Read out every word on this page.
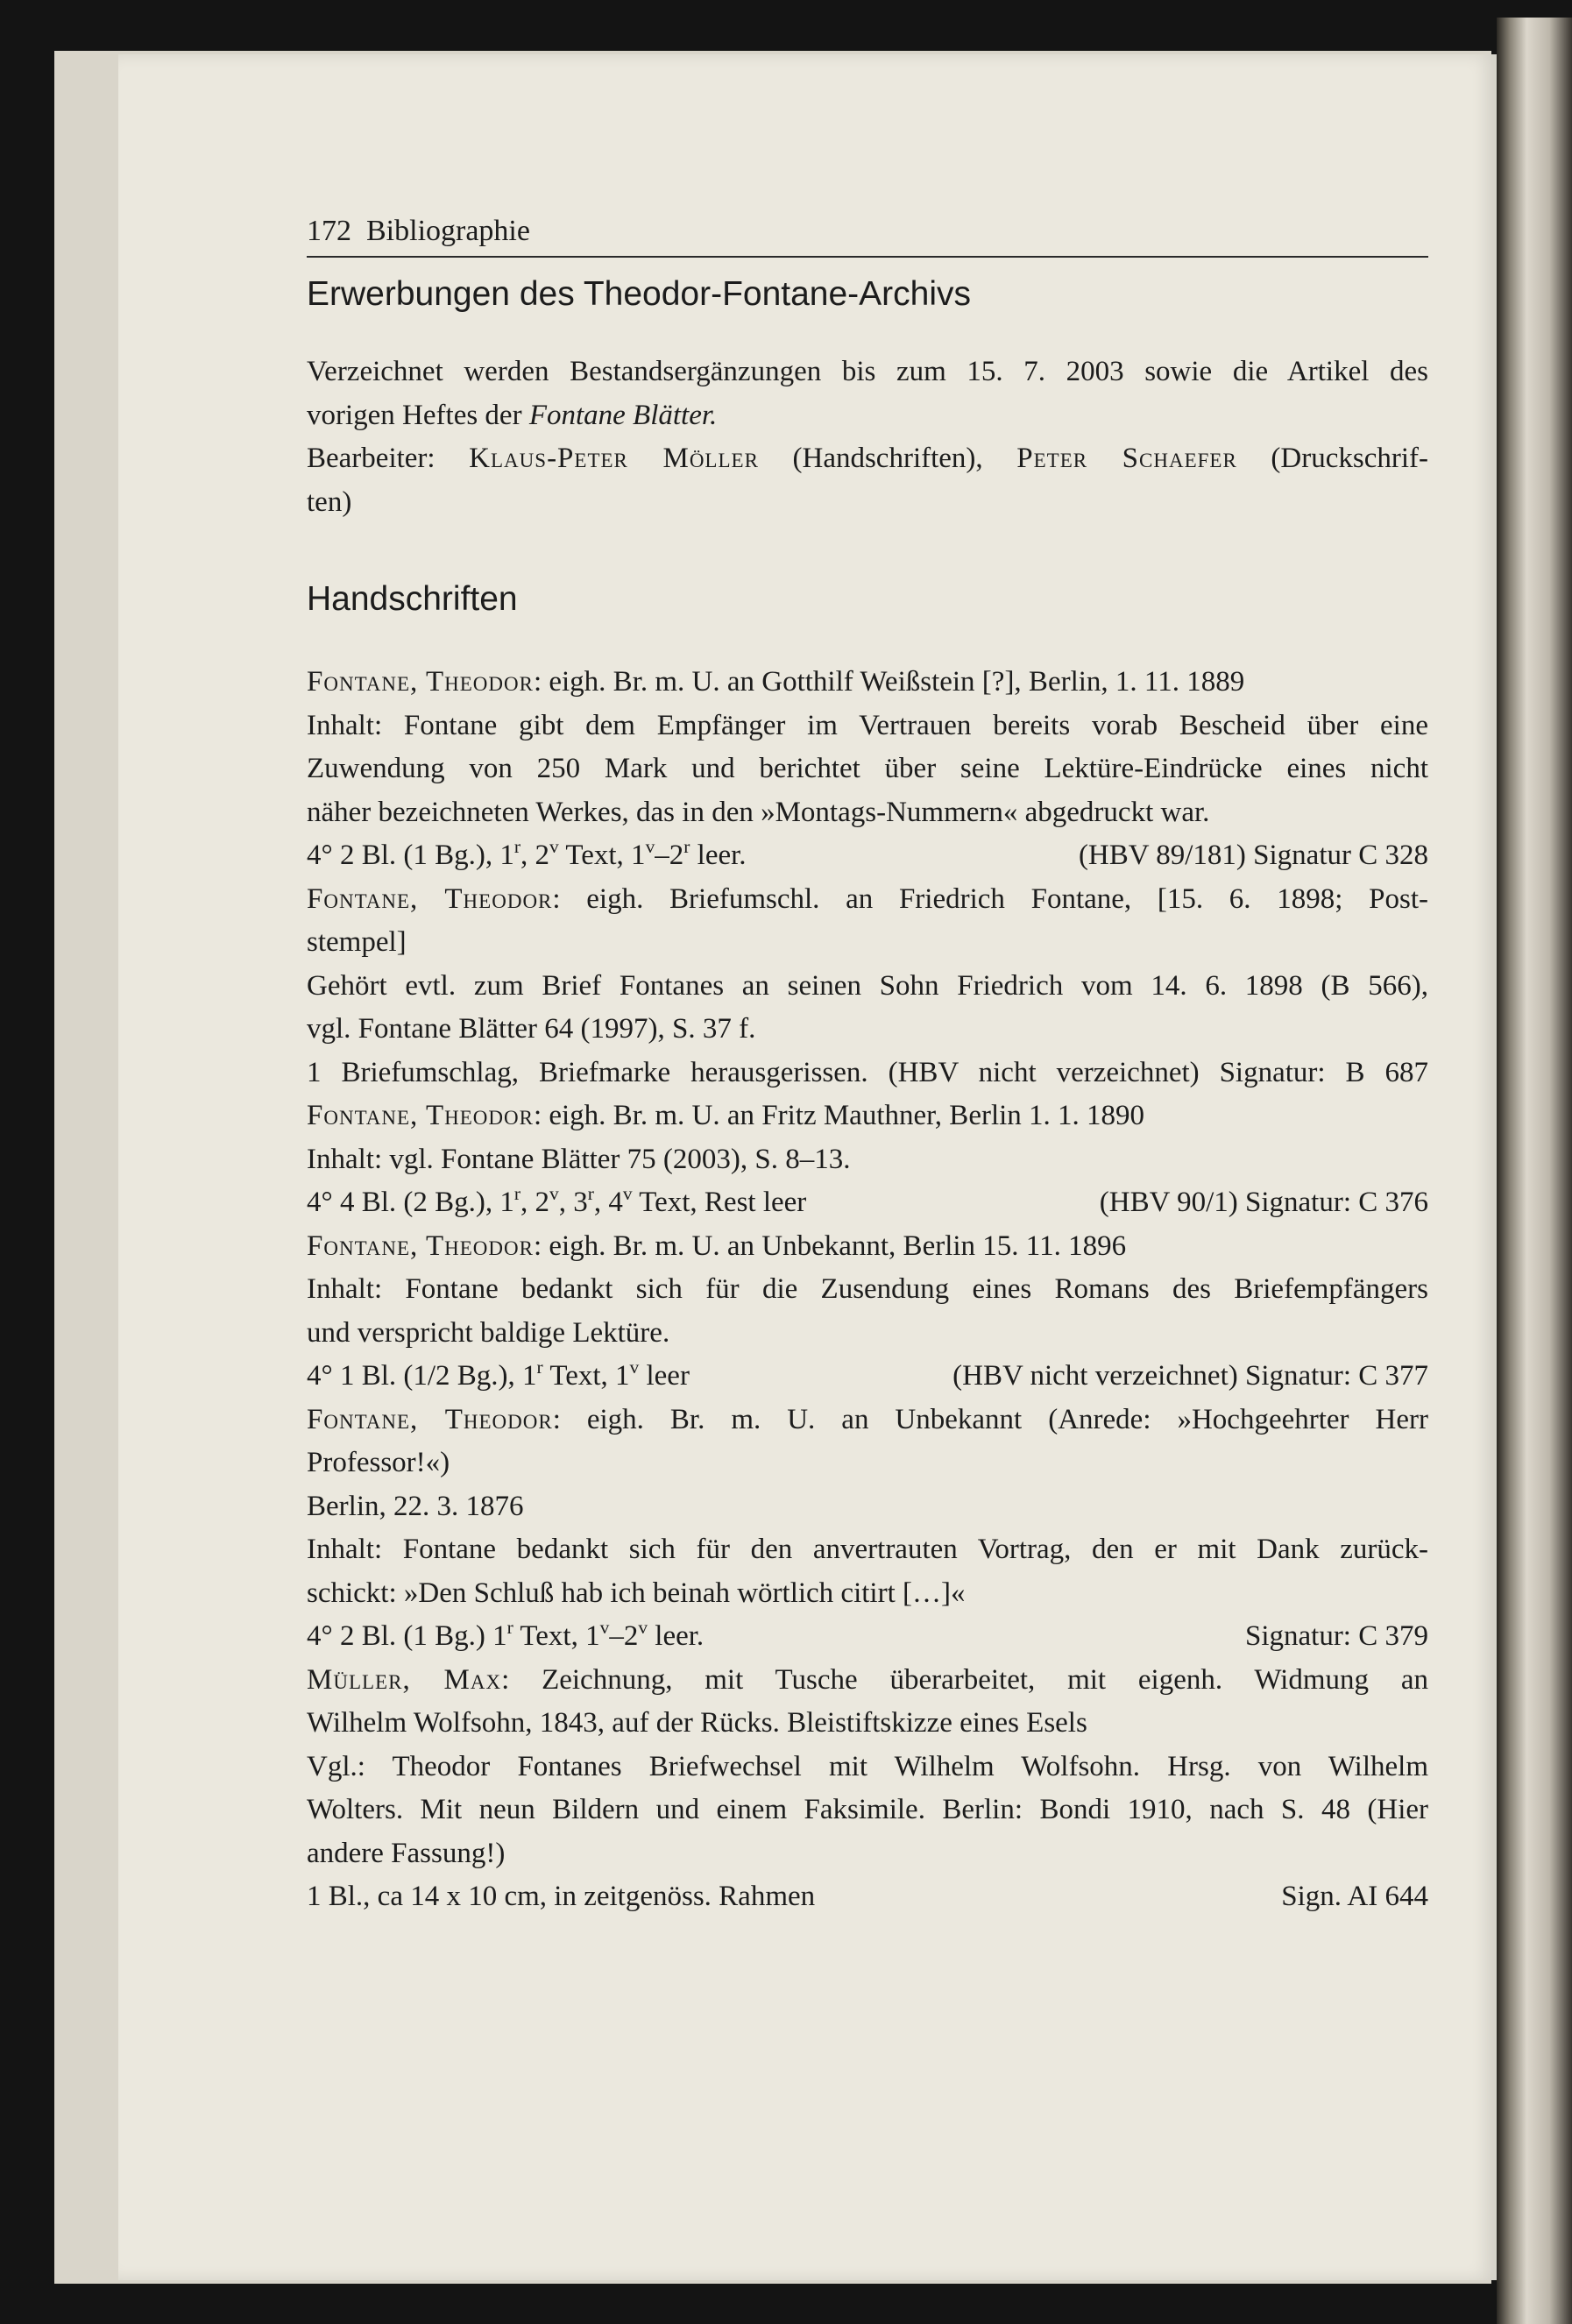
172 Bibliographie
Erwerbungen des Theodor-Fontane-Archivs

Verzeichnet werden Bestandsergänzungen bis zum 15. 7. 2003 sowie die Artikel des

vorigen Heftes der Fontane Blätter.

Bearbeiter: Klaus-Peter Möller (Handschriften), Peter Schaefer (Druckschrif-

ten)

Handschriften

Fontane, Theodor: eigh. Br. m. U. an Gotthilf Weißstein [?], Berlin, 1. 11. 1889

Inhalt: Fontane gibt dem Empfänger im Vertrauen bereits vorab Bescheid über eine

Zuwendung von 250 Mark und berichtet über seine Lektüre-Eindrücke eines nicht

näher bezeichneten Werkes, das in den »Montags-Nummern« abgedruckt war.

4° 2 Bl. (1 Bg.), 1$^r$, 2$^v$ Text, 1$^v$–2$^r$ leer.	(HBV 89/181) Signatur C 328

Fontane, Theodor: eigh. Briefumschl. an Friedrich Fontane, [15. 6. 1898; Post-

stempel]

Gehört evtl. zum Brief Fontanes an seinen Sohn Friedrich vom 14. 6. 1898 (B 566),

vgl. Fontane Blätter 64 (1997), S. 37 f.

1 Briefumschlag, Briefmarke herausgerissen. (HBV nicht verzeichnet) Signatur: B 687

Fontane, Theodor: eigh. Br. m. U. an Fritz Mauthner, Berlin 1. 1. 1890

Inhalt: vgl. Fontane Blätter 75 (2003), S. 8–13.

4° 4 Bl. (2 Bg.), 1$^r$, 2$^v$, 3$^r$, 4$^v$ Text, Rest leer	(HBV 90/1) Signatur: C 376

Fontane, Theodor: eigh. Br. m. U. an Unbekannt, Berlin 15. 11. 1896

Inhalt: Fontane bedankt sich für die Zusendung eines Romans des Briefempfängers

und verspricht baldige Lektüre.

4° 1 Bl. (1/2 Bg.), 1$^r$ Text, 1$^v$ leer	(HBV nicht verzeichnet) Signatur: C 377

Fontane, Theodor: eigh. Br. m. U. an Unbekannt (Anrede: »Hochgeehrter Herr

Professor!«)

Berlin, 22. 3. 1876

Inhalt: Fontane bedankt sich für den anvertrauten Vortrag, den er mit Dank zurück-

schickt: »Den Schluß hab ich beinah wörtlich citirt […]«

4° 2 Bl. (1 Bg.) 1$^r$ Text, 1$^v$–2$^v$ leer.	Signatur: C 379

Müller, Max: Zeichnung, mit Tusche überarbeitet, mit eigenh. Widmung an

Wilhelm Wolfsohn, 1843, auf der Rücks. Bleistiftskizze eines Esels

Vgl.: Theodor Fontanes Briefwechsel mit Wilhelm Wolfsohn. Hrsg. von Wilhelm

Wolters. Mit neun Bildern und einem Faksimile. Berlin: Bondi 1910, nach S. 48 (Hier

andere Fassung!)

1 Bl., ca 14 x 10 cm, in zeitgenöss. Rahmen	Sign. AI 644
